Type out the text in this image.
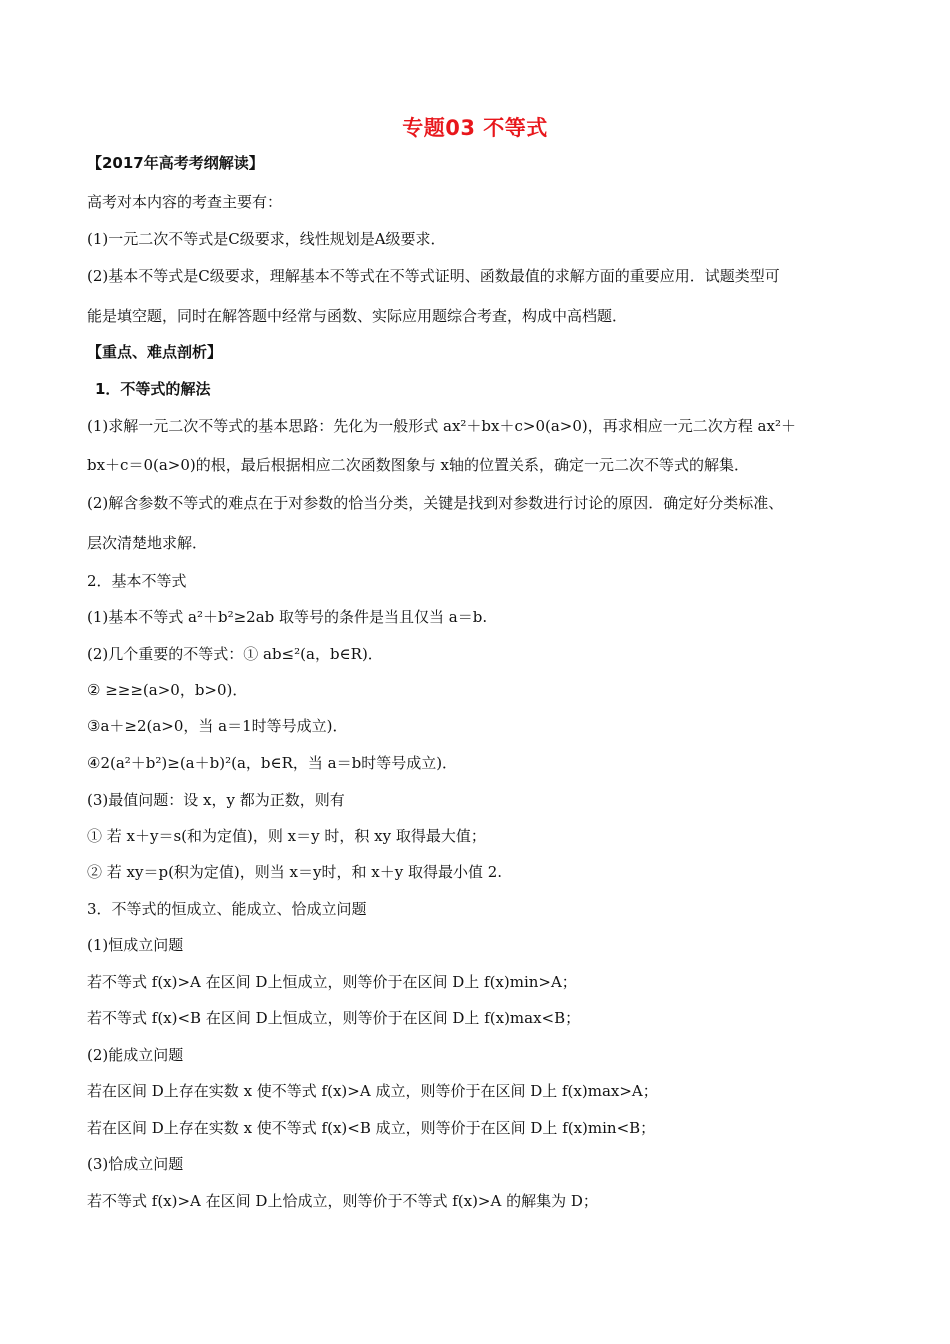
专题03 不等式
【2017年高考考纲解读】
高考对本内容的考查主要有：
(1)一元二次不等式是C级要求，线性规划是A级要求．
(2)基本不等式是C级要求，理解基本不等式在不等式证明、函数最值的求解方面的重要应用．试题类型可
能是填空题，同时在解答题中经常与函数、实际应用题综合考查，构成中高档题．
【重点、难点剖析】
1．不等式的解法
(1)求解一元二次不等式的基本思路：先化为一般形式 ax²＋bx＋c>0(a>0)，再求相应一元二次方程 ax²＋
bx＋c＝0(a>0)的根，最后根据相应二次函数图象与 x轴的位置关系，确定一元二次不等式的解集．
(2)解含参数不等式的难点在于对参数的恰当分类，关键是找到对参数进行讨论的原因．确定好分类标准、
层次清楚地求解．
2．基本不等式
(1)基本不等式 a²＋b²≥2ab 取等号的条件是当且仅当 a＝b.
(2)几个重要的不等式：① ab≤²(a，b∈R)．
② ≥≥≥(a>0，b>0)．
③a＋≥2(a>0，当 a＝1时等号成立)．
④2(a²＋b²)≥(a＋b)²(a，b∈R，当 a＝b时等号成立)．
(3)最值问题：设 x，y 都为正数，则有
① 若 x＋y＝s(和为定值)，则 x＝y 时，积 xy 取得最大值；
② 若 xy＝p(积为定值)，则当 x＝y时，和 x＋y 取得最小值 2.
3．不等式的恒成立、能成立、恰成立问题
(1)恒成立问题
若不等式 f(x)>A 在区间 D上恒成立，则等价于在区间 D上 f(x)min>A；
若不等式 f(x)<B 在区间 D上恒成立，则等价于在区间 D上 f(x)max<B；
(2)能成立问题
若在区间 D上存在实数 x 使不等式 f(x)>A 成立，则等价于在区间 D上 f(x)max>A；
若在区间 D上存在实数 x 使不等式 f(x)<B 成立，则等价于在区间 D上 f(x)min<B；
(3)恰成立问题
若不等式 f(x)>A 在区间 D上恰成立，则等价于不等式 f(x)>A 的解集为 D；
